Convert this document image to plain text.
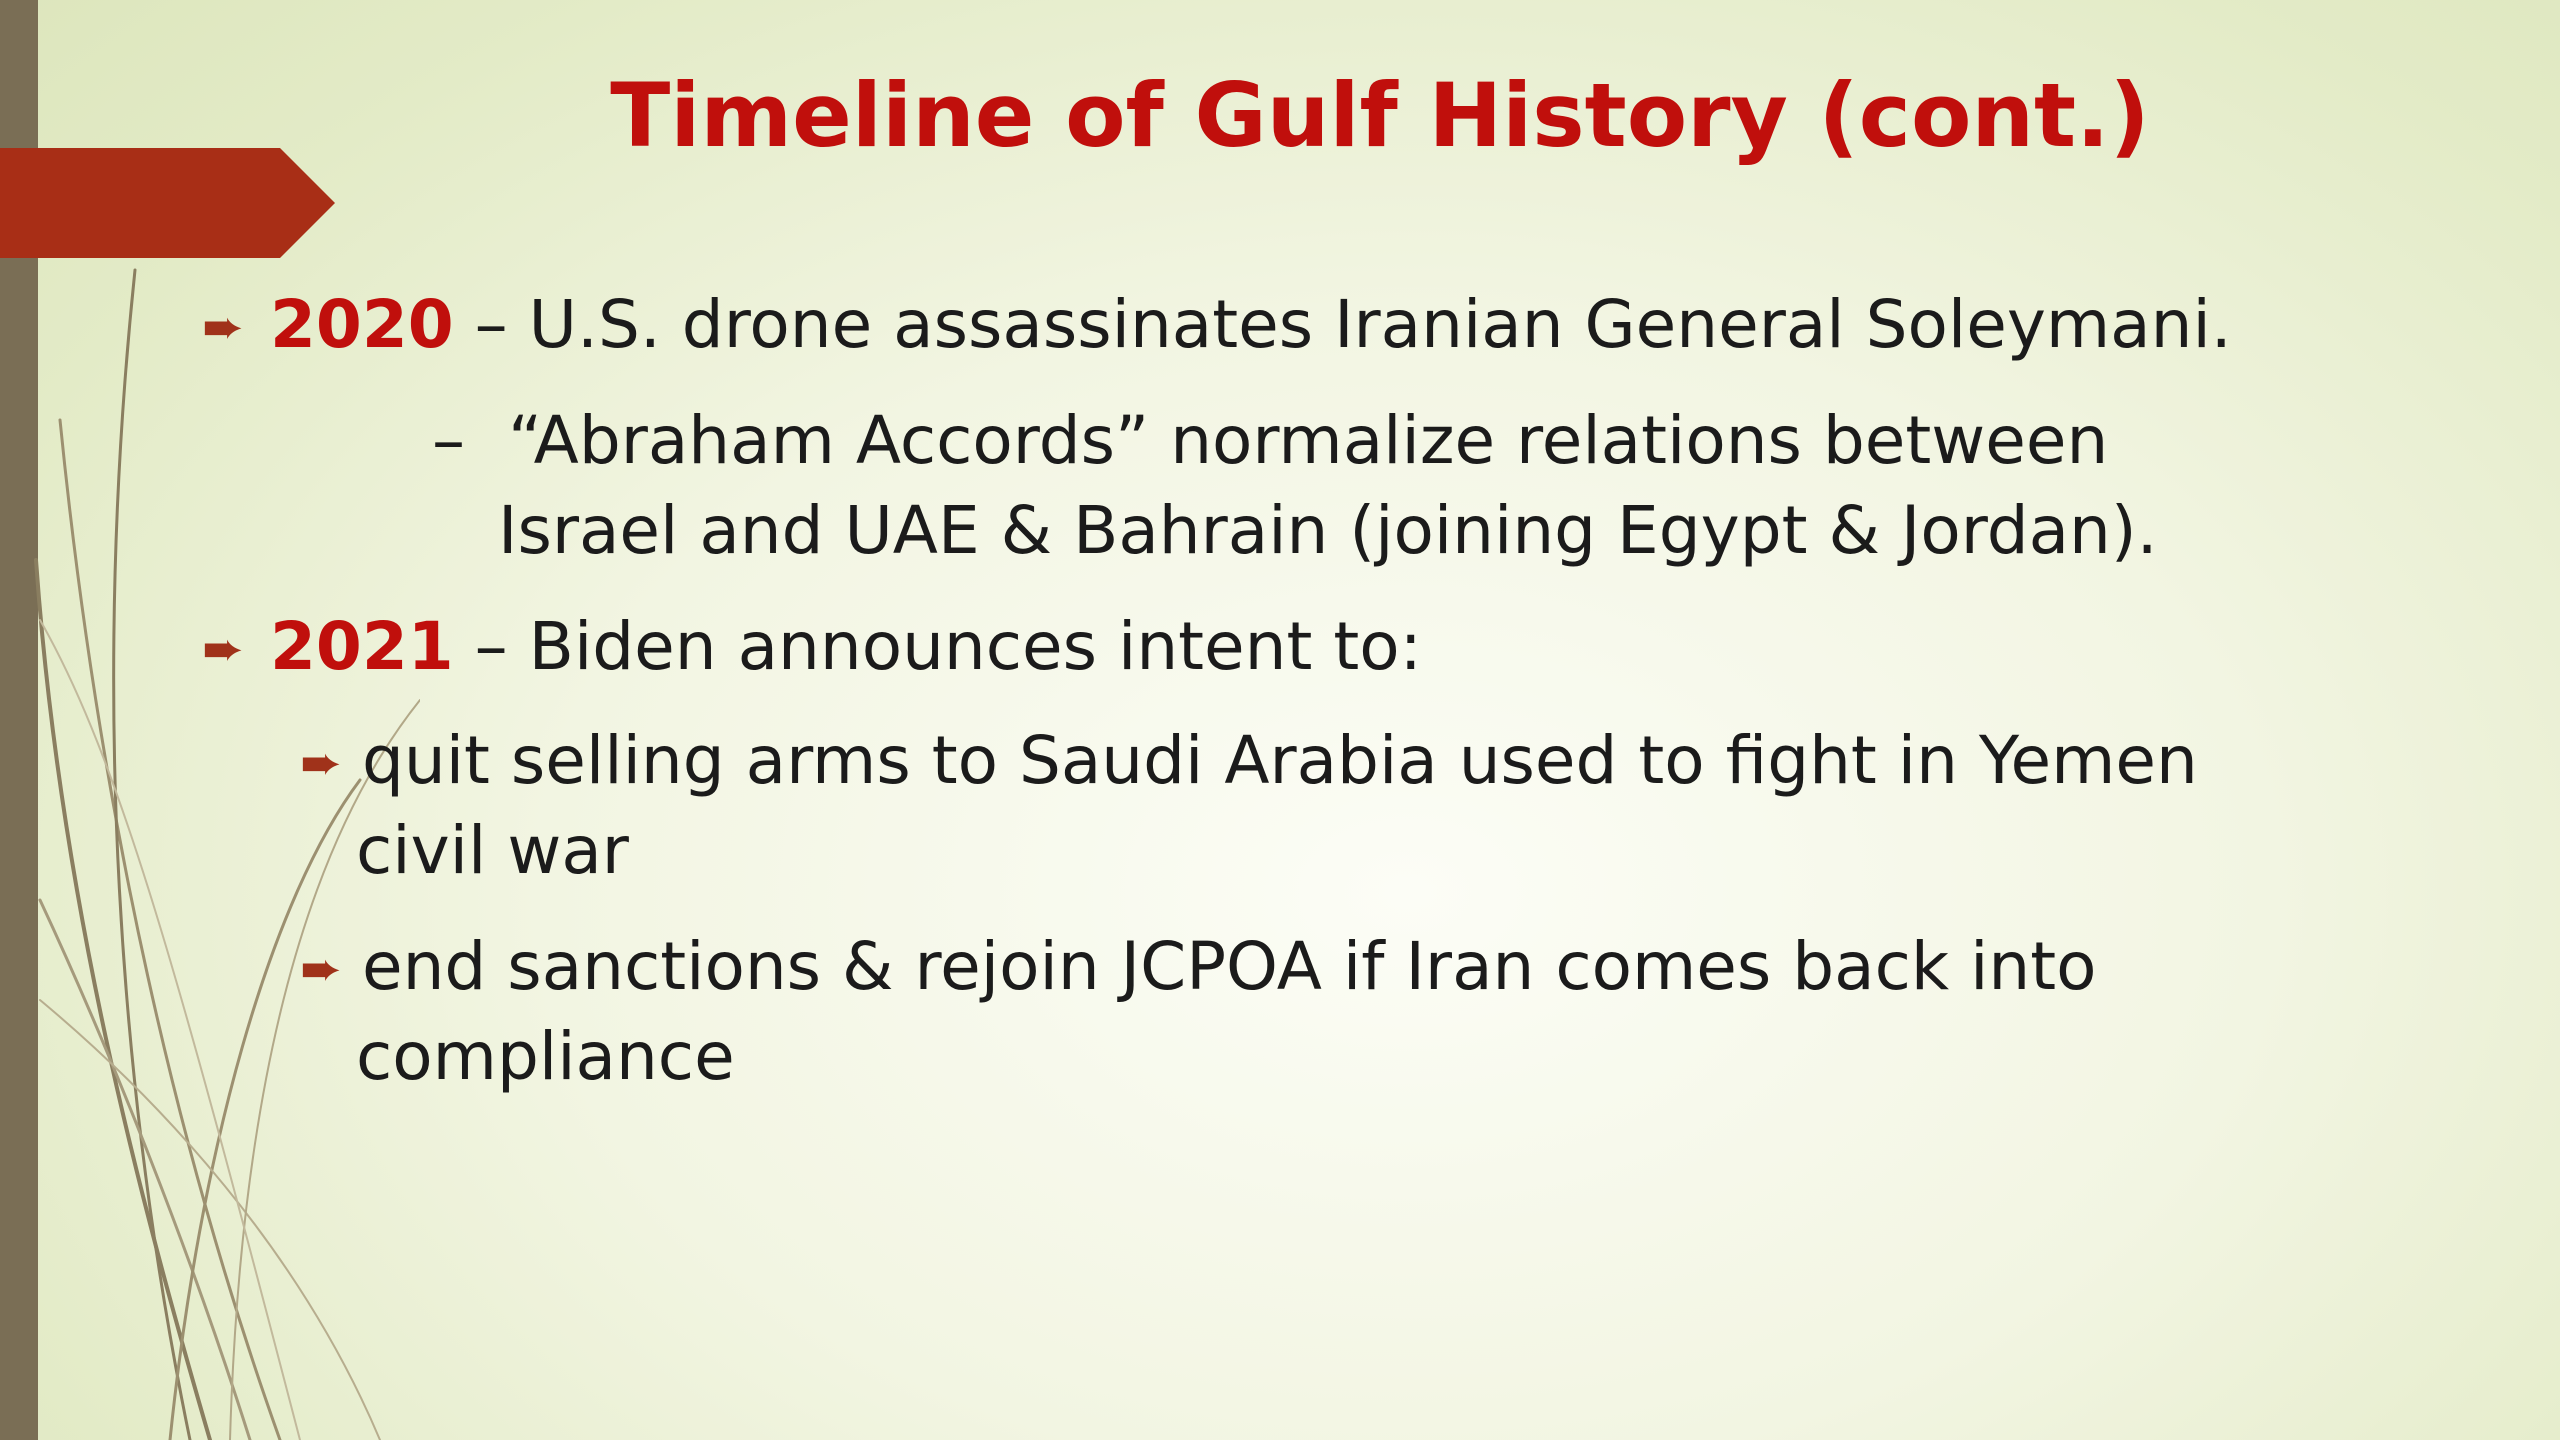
Timeline of Gulf History (cont.)
➨ 2020 – U.S. drone assassinates Iranian General Soleymani.
– “Abraham Accords” normalize relations between
Israel and UAE & Bahrain (joining Egypt & Jordan).
➨ 2021 – Biden announces intent to:
➨ quit selling arms to Saudi Arabia used to fight in Yemen
civil war
➨ end sanctions & rejoin JCPOA if Iran comes back into
compliance
